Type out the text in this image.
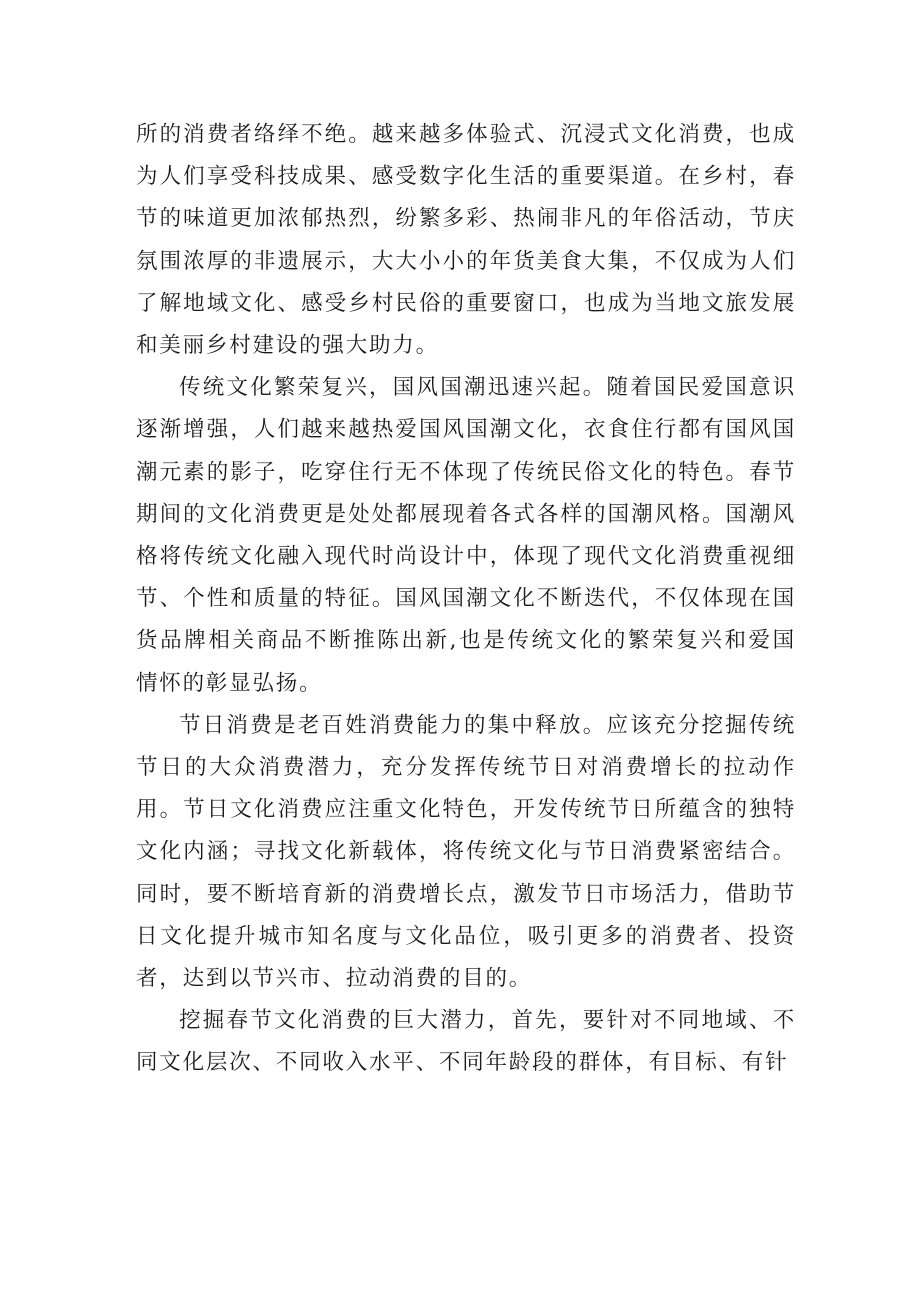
所的消费者络绎不绝。越来越多体验式、沉浸式文化消费，也成为人们享受科技成果、感受数字化生活的重要渠道。在乡村，春节的味道更加浓郁热烈，纷繁多彩、热闹非凡的年俗活动，节庆氛围浓厚的非遗展示，大大小小的年货美食大集，不仅成为人们了解地域文化、感受乡村民俗的重要窗口，也成为当地文旅发展和美丽乡村建设的强大助力。

传统文化繁荣复兴，国风国潮迅速兴起。随着国民爱国意识逐渐增强，人们越来越热爱国风国潮文化，衣食住行都有国风国潮元素的影子，吃穿住行无不体现了传统民俗文化的特色。春节期间的文化消费更是处处都展现着各式各样的国潮风格。国潮风格将传统文化融入现代时尚设计中，体现了现代文化消费重视细节、个性和质量的特征。国风国潮文化不断迭代，不仅体现在国货品牌相关商品不断推陈出新,也是传统文化的繁荣复兴和爱国情怀的彰显弘扬。

节日消费是老百姓消费能力的集中释放。应该充分挖掘传统节日的大众消费潜力，充分发挥传统节日对消费增长的拉动作用。节日文化消费应注重文化特色，开发传统节日所蕴含的独特文化内涵；寻找文化新载体，将传统文化与节日消费紧密结合。同时，要不断培育新的消费增长点，激发节日市场活力，借助节日文化提升城市知名度与文化品位，吸引更多的消费者、投资者，达到以节兴市、拉动消费的目的。

挖掘春节文化消费的巨大潜力，首先，要针对不同地域、不同文化层次、不同收入水平、不同年龄段的群体，有目标、有针
